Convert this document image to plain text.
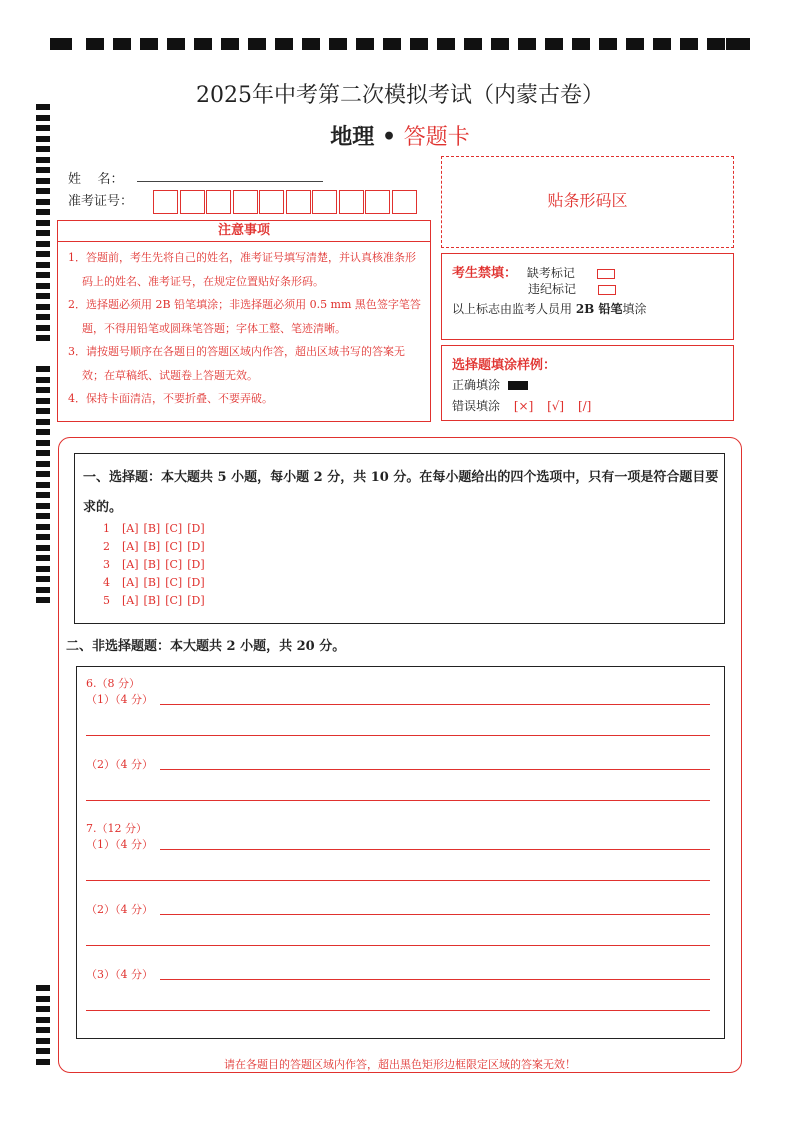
2025年中考第二次模拟考试（内蒙古卷）
地理 • 答题卡
姓    名：
准考证号：
注意事项
1．答题前，考生先将自己的姓名，准考证号填写清楚，并认真核准条形码上的姓名、准考证号，在规定位置贴好条形码。
2．选择题必须用 2B 铅笔填涂；非选择题必须用 0.5 mm 黑色签字笔答题，不得用铅笔或圆珠笔答题；字体工整、笔迹清晰。
3．请按题号顺序在各题目的答题区域内作答，超出区域书写的答案无效；在草稿纸、试题卷上答题无效。
4．保持卡面清洁，不要折叠、不要弄破。
贴条形码区
考生禁填： 缺考标记
违纪标记
以上标志由监考人员用 2B 铅笔填涂
选择题填涂样例：
正确填涂
错误填涂 [×] [√] [/]
一、选择题：本大题共 5 小题，每小题 2 分，共 10 分。在每小题给出的四个选项中，只有一项是符合题目要求的。
1 [A] [B] [C] [D]
2 [A] [B] [C] [D]
3 [A] [B] [C] [D]
4 [A] [B] [C] [D]
5 [A] [B] [C] [D]
二、非选择题题：本大题共 2 小题，共 20 分。
6.（8 分）
（1）（4 分）
（2）（4 分）
7.（12 分）
（1）（4 分）
（2）（4 分）
（3）（4 分）
请在各题目的答题区域内作答，超出黑色矩形边框限定区域的答案无效！
